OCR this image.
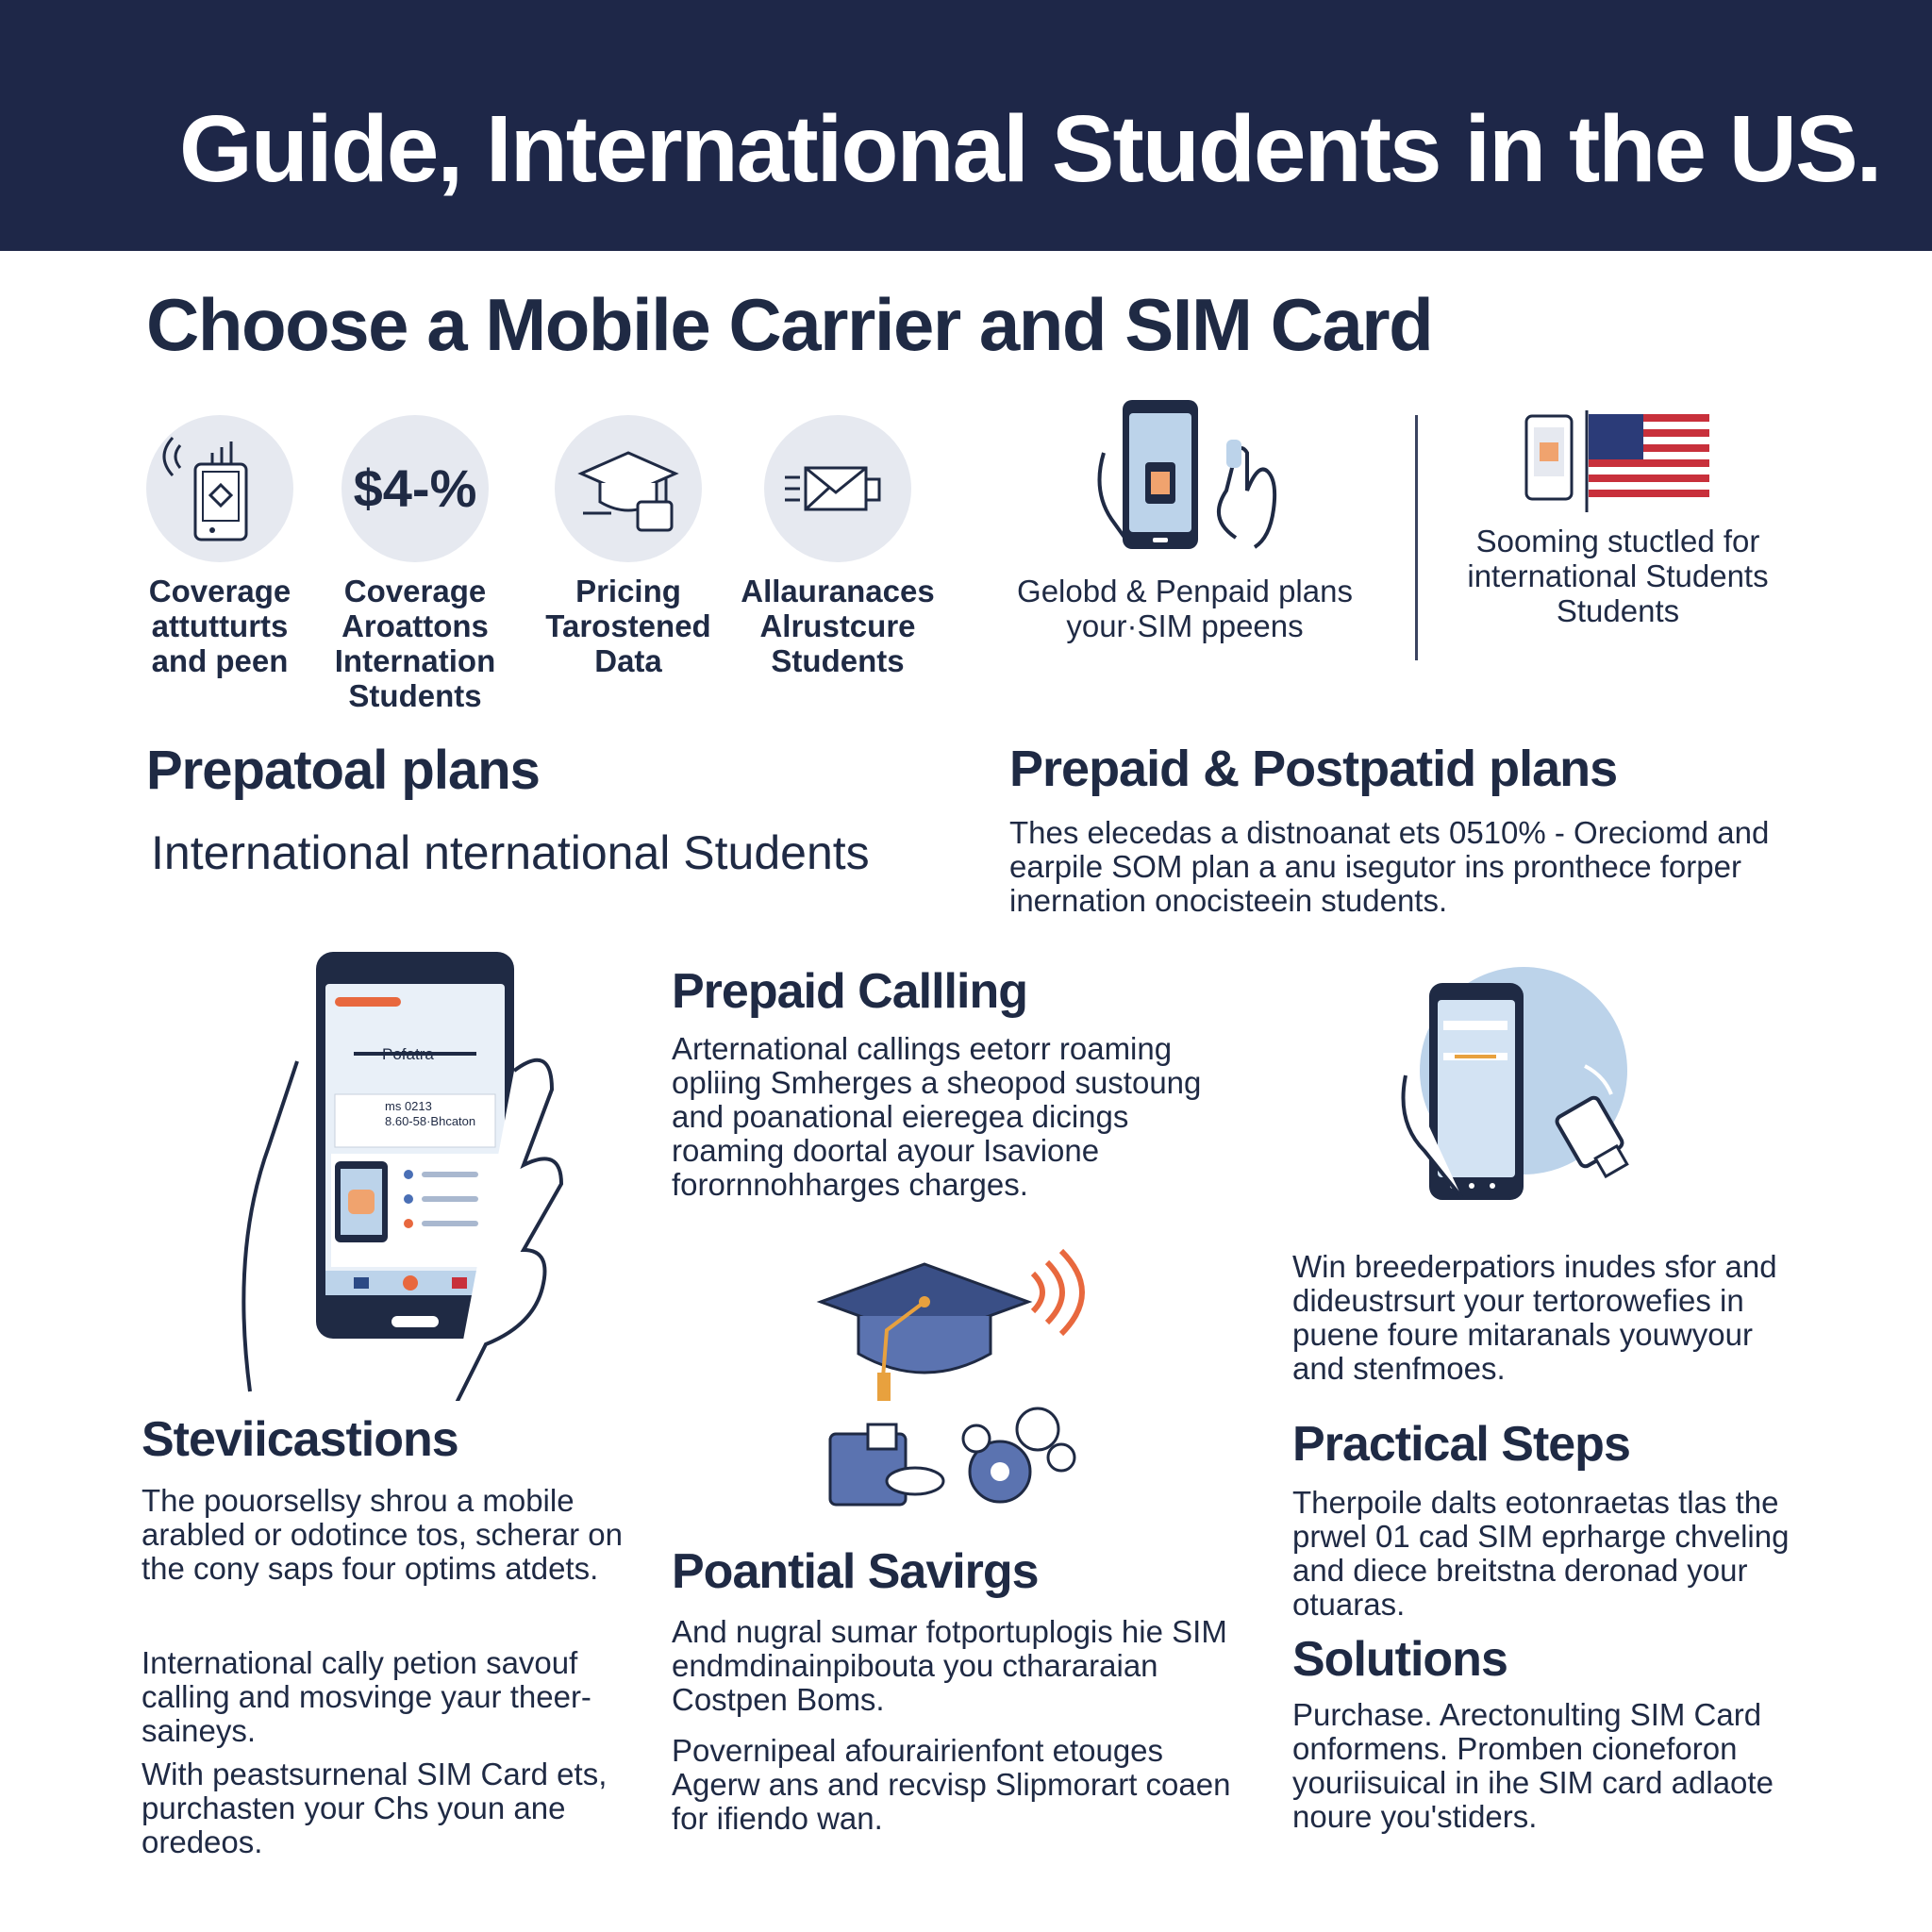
Guide, International Students in the US.
Choose a Mobile Carrier and SIM Card
Coverage
attutturts
and peen
$4-%
Coverage
Aroattons
Internation
Students
Pricing
Tarostened
Data
Allauranaces
Alrustcure
Students
Gelobd & Penpaid plans
your·SIM ppeens
Sooming stuctled for
international Students
Students
Prepatoal plans
International nternational Students
Prepaid & Postpatid plans

Thes elecedas a distnoanat ets 0510% - Oreciomd and earpile SOM plan a anu isegutor ins pronthece forper inernation onocisteein students.

Pofatra
ms 0213
8.60-58·Bhcaton
Prepaid Callling

Arternational callings eetorr roaming opliing Smherges a sheopod sustoung and poanational eieregea dicings roaming doortal ayour Isavione forornnohharges charges.

Win breederpatiors inudes sfor and dideustrsurt your tertorowefies in puene foure mitaranals youwyour and stenfmoes.

Steviicastions

The pouorsellsy shrou a mobile arabled or odotince tos, scherar on the cony saps four optims atdets.

International cally petion savouf calling and mosvinge yaur theer-saineys.

With peastsurnenal SIM Card ets, purchasten your Chs youn ane oredeos.

Poantial Savirgs

And nugral sumar fotportuplogis hie SIM endmdinainpibouta you cthararaian Costpen Boms.

Povernipeal afourairienfont etouges Agerw ans and recvisp Slipmorart coaen for ifiendo wan.

Practical Steps

Therpoile dalts eotonraetas tlas the prwel 01 cad SIM eprharge chveling and diece breitstna deronad your otuaras.

Solutions

Purchase. Arectonulting SIM Card onformens. Promben cioneforon youriisuical in ihe SIM card adlaote noure you'stiders.
